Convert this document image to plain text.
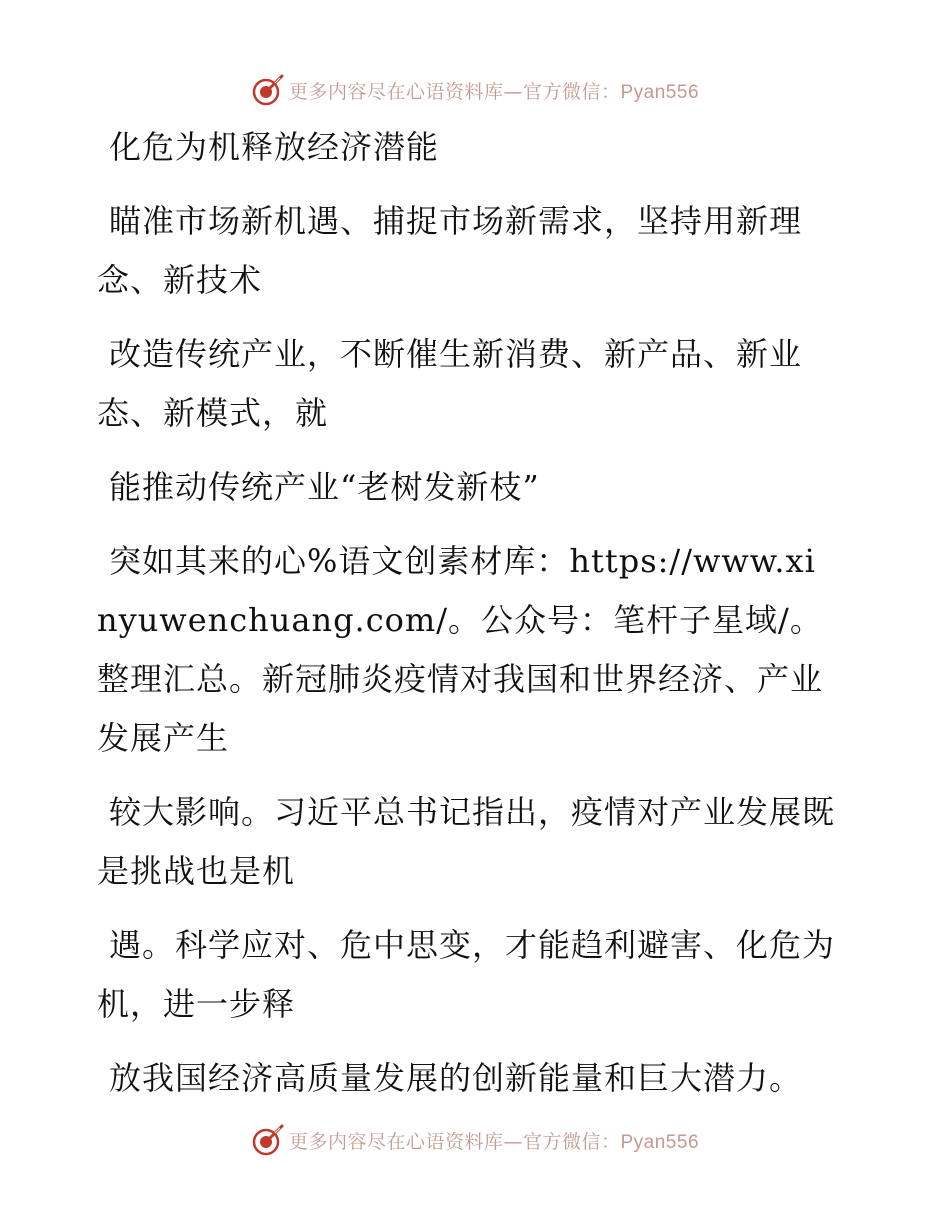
更多内容尽在心语资料库—官方微信：Pyan556

化危为机释放经济潜能

瞄准市场新机遇、捕捉市场新需求，坚持用新理念、新技术

改造传统产业，不断催生新消费、新产品、新业态、新模式，就

能推动传统产业“老树发新枝”

突如其来的心%语文创素材库：https://www.xinyuwenchuang.com/。公众号：笔杆子星域/。整理汇总。新冠肺炎疫情对我国和世界经济、产业发展产生

较大影响。习近平总书记指出，疫情对产业发展既是挑战也是机

遇。科学应对、危中思变，才能趋利避害、化危为机，进一步释

放我国经济高质量发展的创新能量和巨大潜力。

更多内容尽在心语资料库—官方微信：Pyan556
